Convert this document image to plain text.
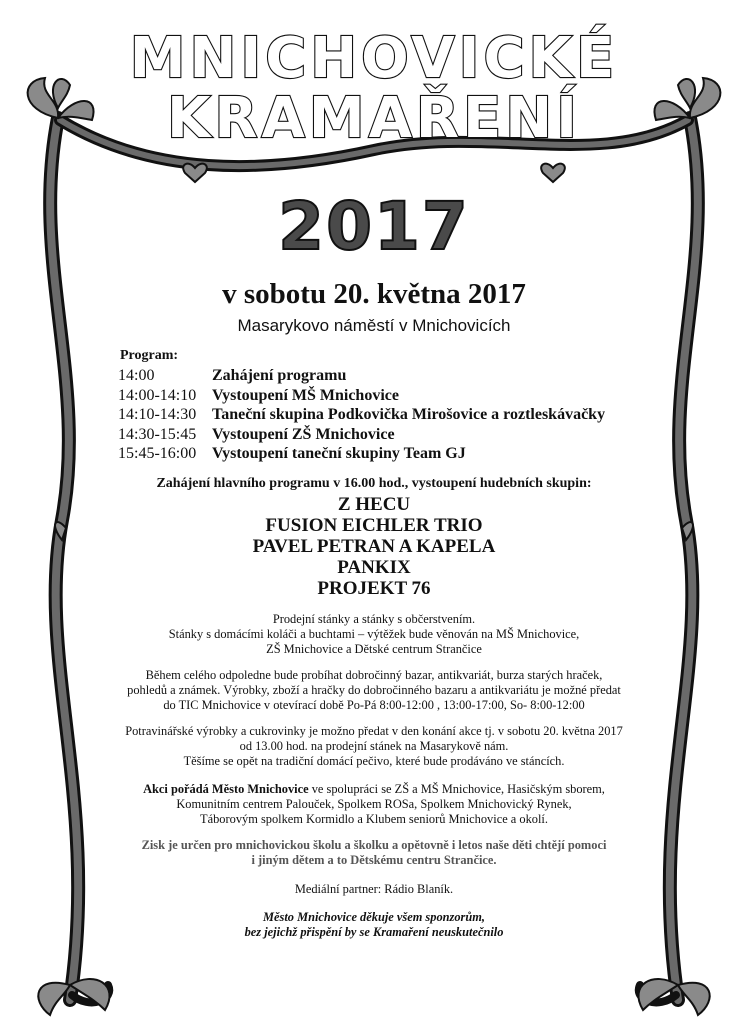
MNICHOVICKÉ
KRAMAŘENÍ
2017
v sobotu 20. května 2017
Masarykovo náměstí v Mnichovicích
Program:
14:00	Zahájení programu
14:00-14:10 Vystoupení MŠ Mnichovice
14:10-14:30 Taneční skupina Podkovička Mirošovice a roztleskávačky
14:30-15:45 Vystoupení ZŠ Mnichovice
15:45-16:00 Vystoupení taneční skupiny Team GJ
Zahájení hlavního programu v 16.00 hod., vystoupení hudebních skupin:
Z HECU
FUSION EICHLER TRIO
PAVEL PETRAN A KAPELA
PANKIX
PROJEKT 76
Prodejní stánky a stánky s občerstvením.
Stánky s domácími koláči a buchtami – výtěžek bude věnován na MŠ Mnichovice,
ZŠ Mnichovice a Dětské centrum Strančice
Během celého odpoledne bude probíhat dobročinný bazar, antikvariát, burza starých hraček,
pohledů a známek. Výrobky, zboží a hračky do dobročinného bazaru a antikvariátu je možné předat
do TIC Mnichovice v otevírací době Po-Pá 8:00-12:00 , 13:00-17:00, So- 8:00-12:00
Potravinářské výrobky a cukrovinky je možno předat v den konání akce tj. v sobotu 20. května 2017
od 13.00 hod. na prodejní stánek na Masarykově nám.
Těšíme se opět na tradiční domácí pečivo, které bude prodáváno ve stáncích.
Akci pořádá Město Mnichovice ve spolupráci se ZŠ a MŠ Mnichovice, Hasičským sborem,
Komunitním centrem Palouček, Spolkem ROSa, Spolkem Mnichovický Rynek,
Táborovým spolkem Kormidlo a Klubem seniorů Mnichovice a okolí.
Zisk je určen pro mnichovickou školu a školku a opětovně i letos naše děti chtějí pomoci
i jiným dětem a to Dětskému centru Strančice.
Mediální partner: Rádio Blaník.
Město Mnichovice děkuje všem sponzorům,
bez jejichž přispění by se Kramaření neuskutečnilo
